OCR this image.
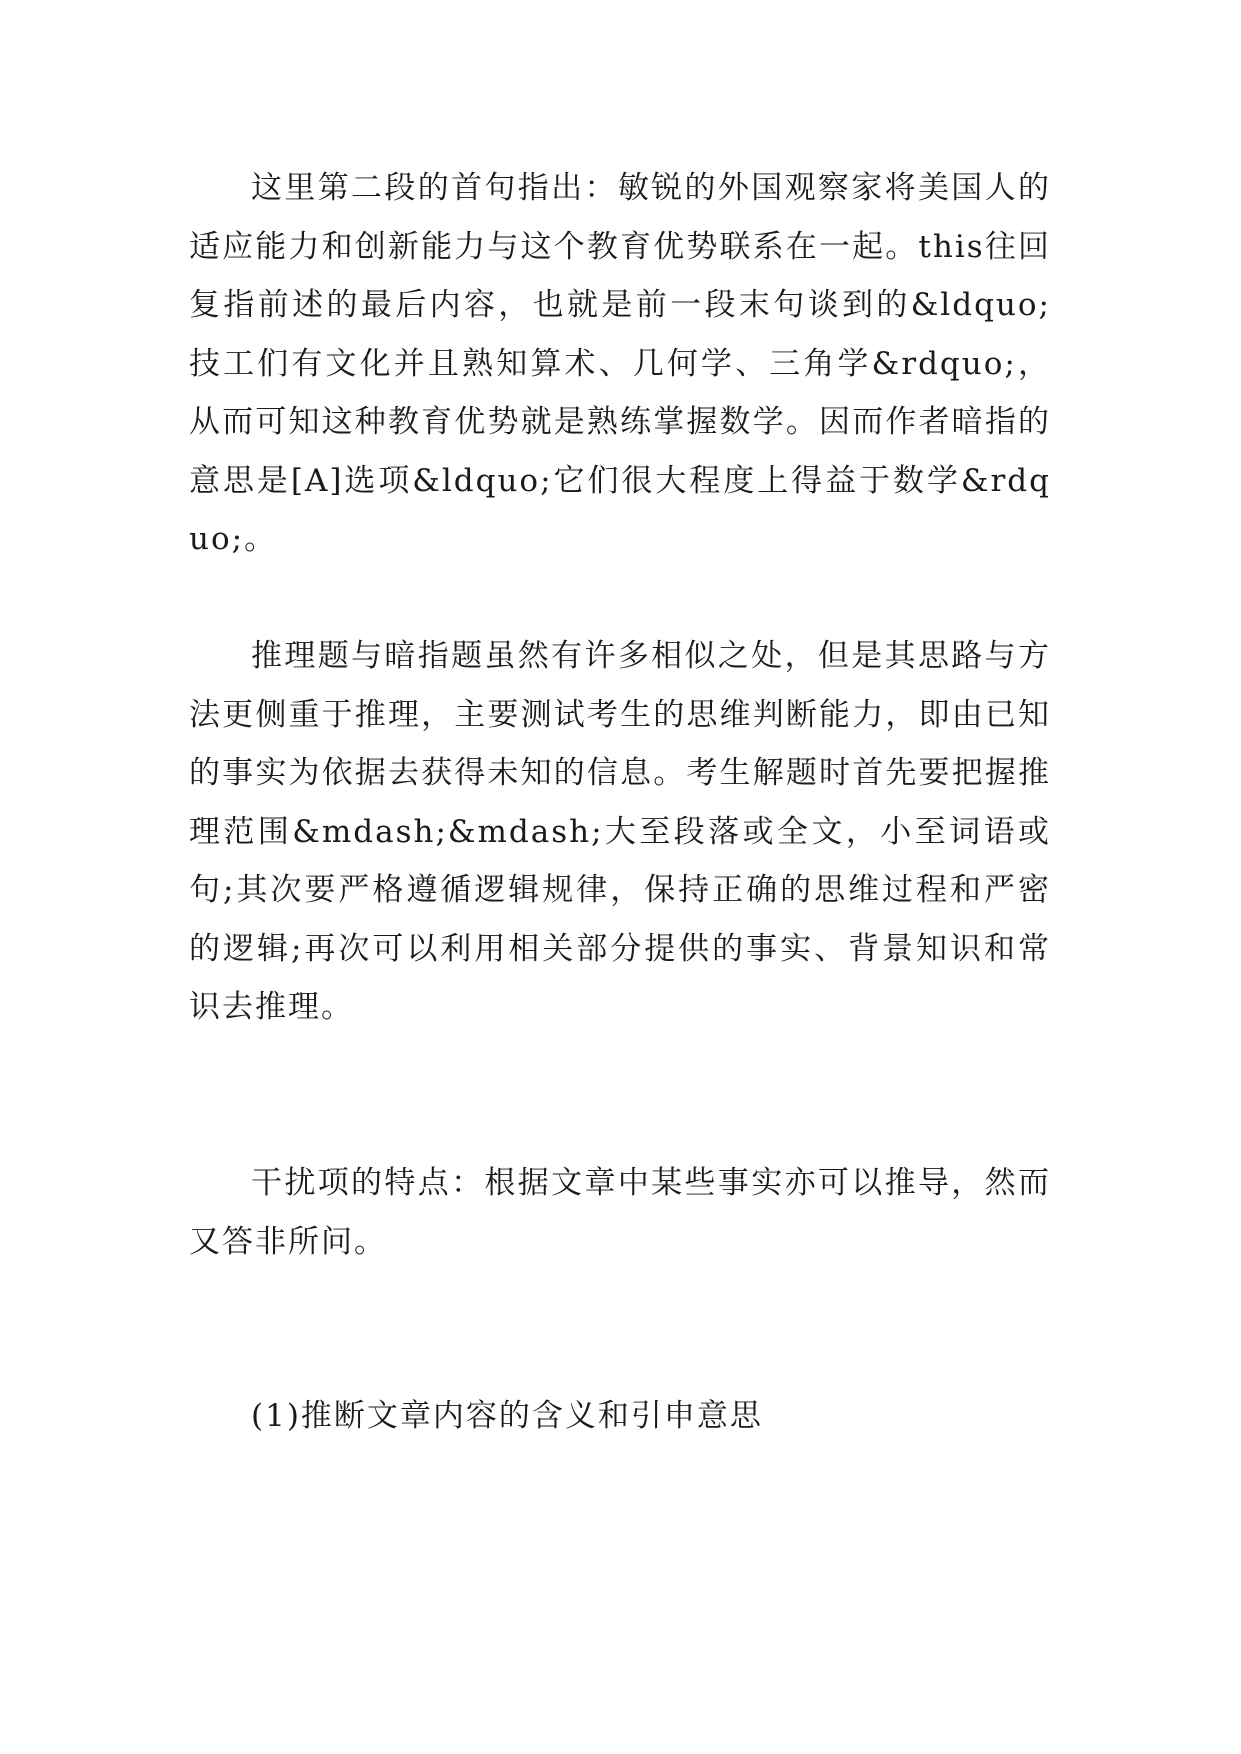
这里第二段的首句指出：敏锐的外国观察家将美国人的适应能力和创新能力与这个教育优势联系在一起。this往回复指前述的最后内容，也就是前一段末句谈到的&ldquo;技工们有文化并且熟知算术、几何学、三角学&rdquo;，从而可知这种教育优势就是熟练掌握数学。因而作者暗指的意思是[A]选项&ldquo;它们很大程度上得益于数学&rdquo;。

推理题与暗指题虽然有许多相似之处，但是其思路与方法更侧重于推理，主要测试考生的思维判断能力，即由已知的事实为依据去获得未知的信息。考生解题时首先要把握推理范围&mdash;&mdash;大至段落或全文，小至词语或句;其次要严格遵循逻辑规律，保持正确的思维过程和严密的逻辑;再次可以利用相关部分提供的事实、背景知识和常识去推理。

干扰项的特点：根据文章中某些事实亦可以推导，然而又答非所问。

(1)推断文章内容的含义和引申意思
